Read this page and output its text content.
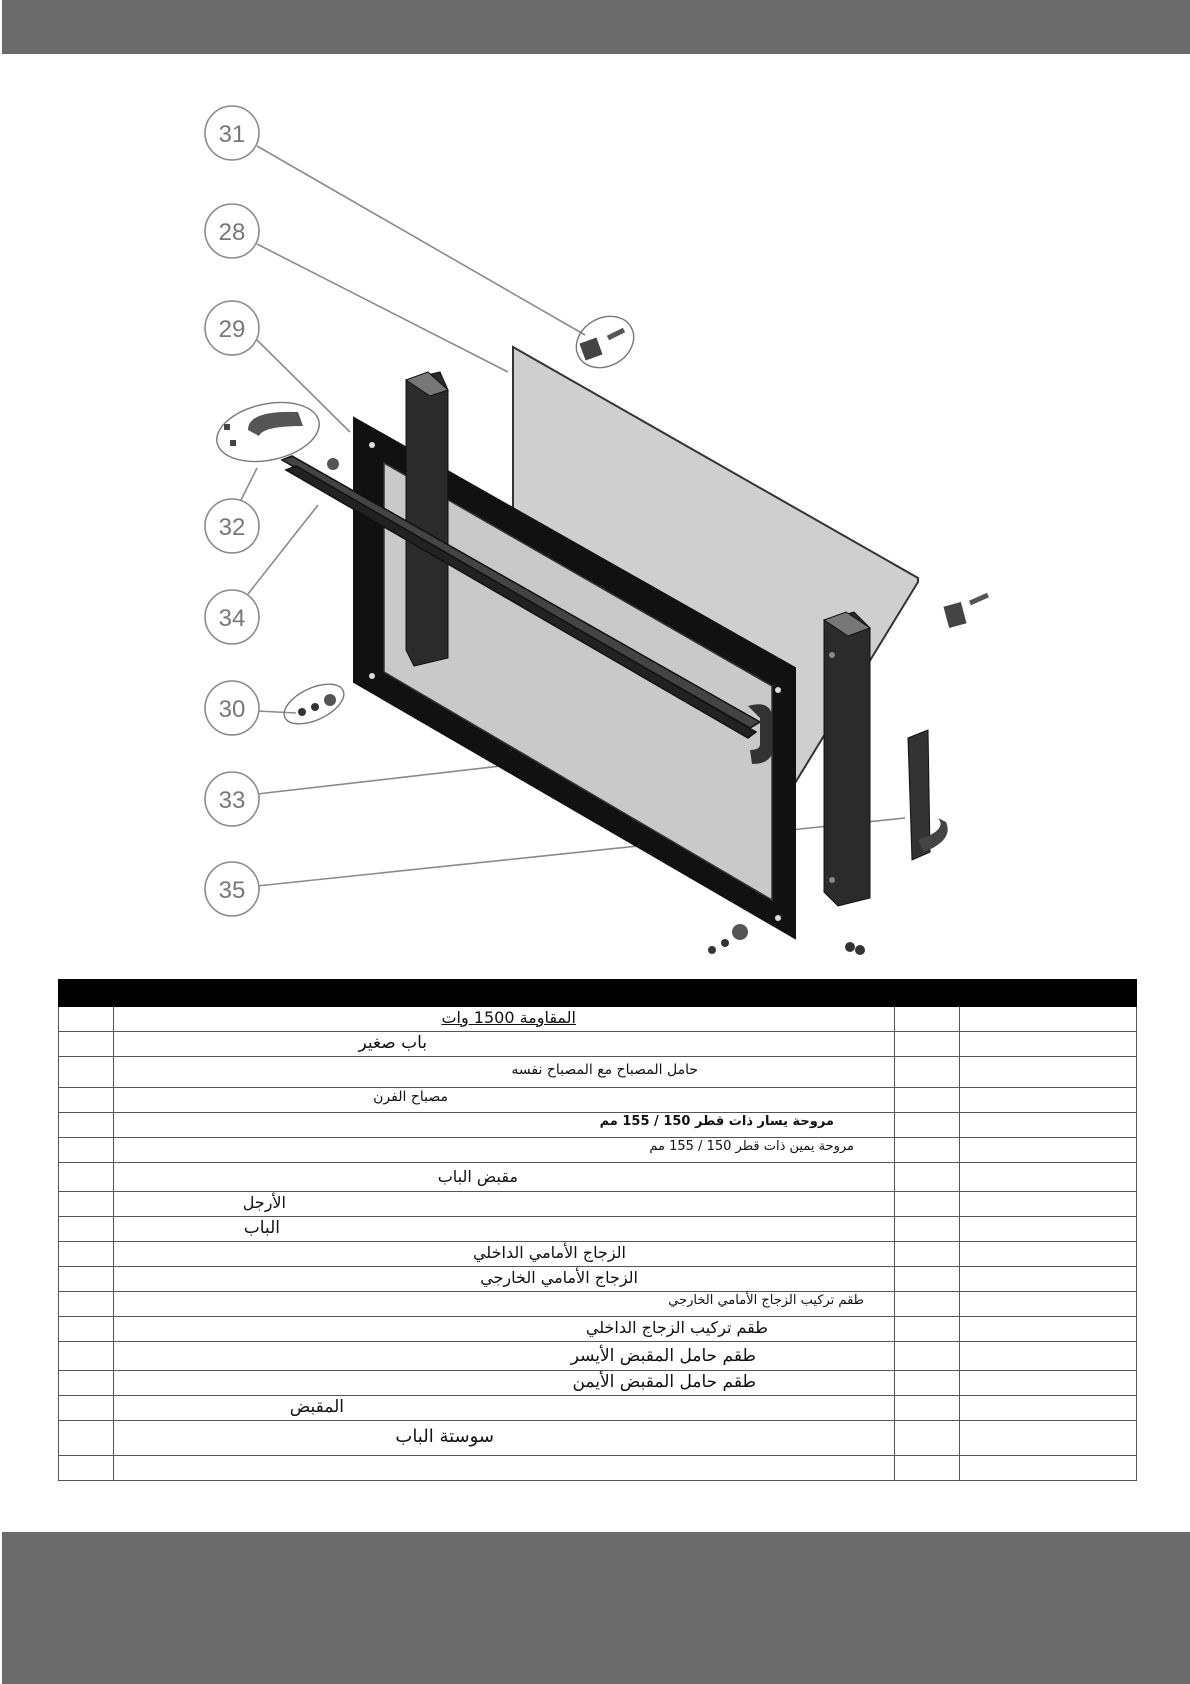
31
28
29
32
34
30
33
35

	المقاومة 1500 وات		

	باب صغير		

	حامل المصباح مع المصباح نفسه		

	مصباح الفرن		

	مروحة يسار ذات قطر 150 / 155 مم		

	مروحة يمين ذات قطر 150 / 155 مم		

	مقبض الباب		

	الأرجل		

	الباب		

	الزجاج الأمامي الداخلي		

	الزجاج الأمامي الخارجي		

	طقم تركيب الزجاج الأمامي الخارجي		

	طقم تركيب الزجاج الداخلي		

	طقم حامل المقبض الأيسر		

	طقم حامل المقبض الأيمن		

	المقبض		

	سوستة الباب		
